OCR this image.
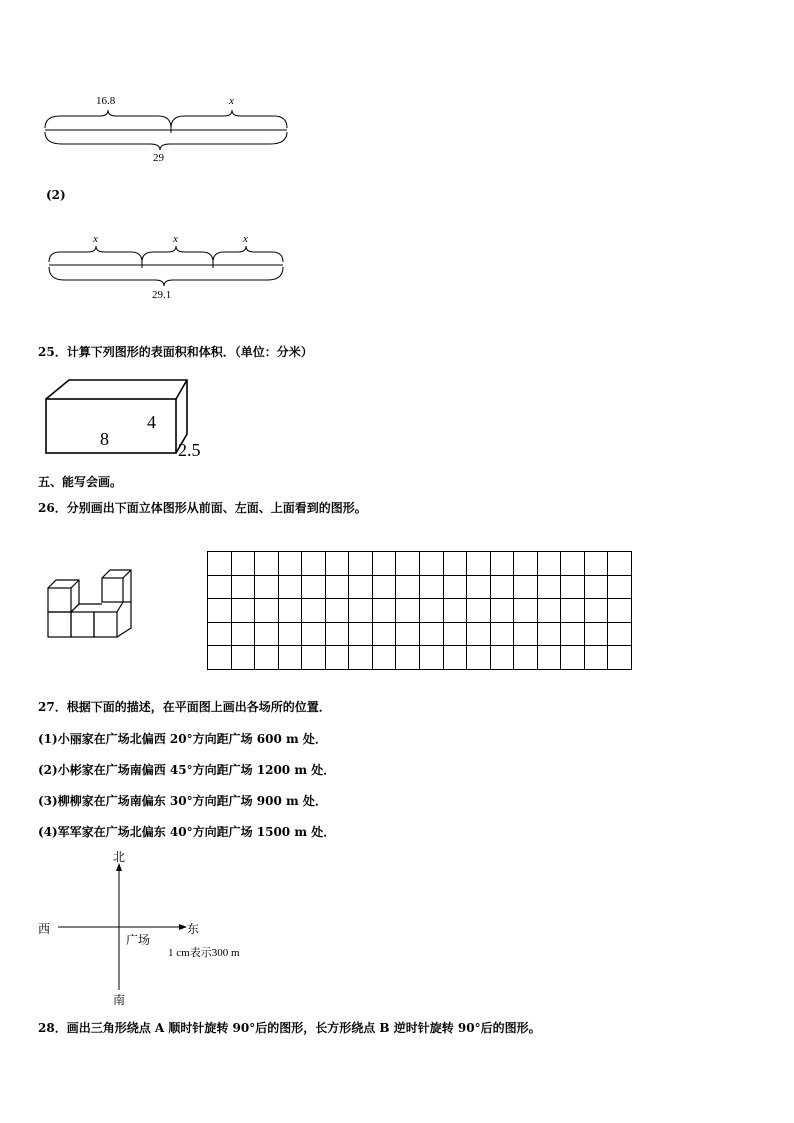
16.8	x
29
(2)
x	x	x
29.1
25．计算下列图形的表面积和体积．（单位：分米）
4
8
2.5
五、能写会画。
26．分别画出下面立体图形从前面、左面、上面看到的图形。
27．根据下面的描述，在平面图上画出各场所的位置．
(1)小丽家在广场北偏西 20°方向距广场 600 m 处．
(2)小彬家在广场南偏西 45°方向距广场 1200 m 处．
(3)柳柳家在广场南偏东 30°方向距广场 900 m 处．
(4)军军家在广场北偏东 40°方向距广场 1500 m 处．
北
西	东
广场
1 cm表示300 m
南
28．画出三角形绕点 A 顺时针旋转 90°后的图形，长方形绕点 B 逆时针旋转 90°后的图形。
